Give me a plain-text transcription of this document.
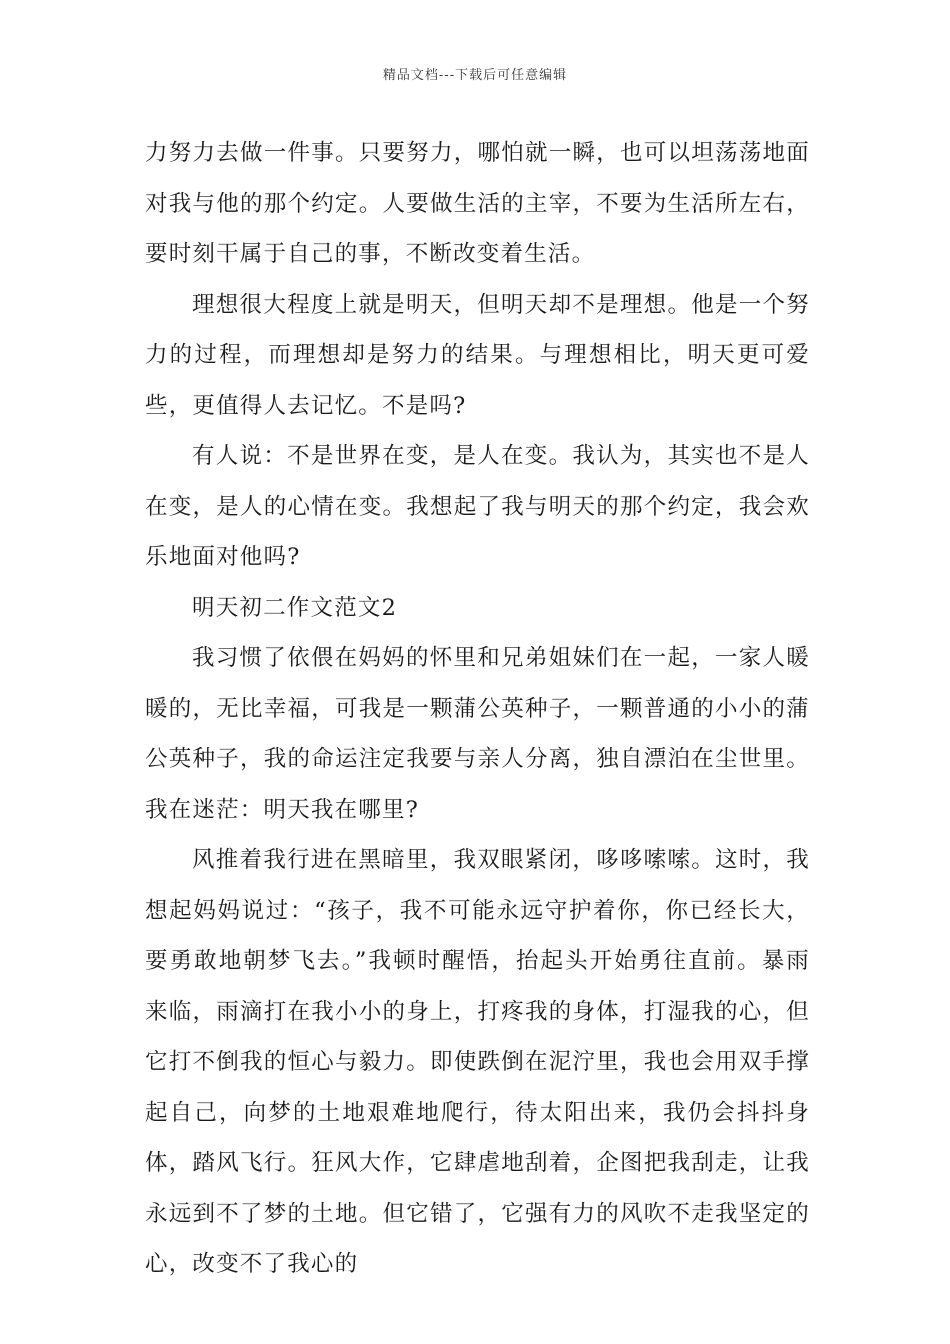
精品文档---下载后可任意编辑

力努力去做一件事。只要努力，哪怕就一瞬，也可以坦荡荡地面对我与他的那个约定。人要做生活的主宰，不要为生活所左右，要时刻干属于自己的事，不断改变着生活。

理想很大程度上就是明天，但明天却不是理想。他是一个努力的过程，而理想却是努力的结果。与理想相比，明天更可爱些，更值得人去记忆。不是吗?

有人说：不是世界在变，是人在变。我认为，其实也不是人在变，是人的心情在变。我想起了我与明天的那个约定，我会欢乐地面对他吗?

明天初二作文范文2

我习惯了依偎在妈妈的怀里和兄弟姐妹们在一起，一家人暖暖的，无比幸福，可我是一颗蒲公英种子，一颗普通的小小的蒲公英种子，我的命运注定我要与亲人分离，独自漂泊在尘世里。我在迷茫：明天我在哪里?

风推着我行进在黑暗里，我双眼紧闭，哆哆嗦嗦。这时，我想起妈妈说过：“孩子，我不可能永远守护着你，你已经长大，要勇敢地朝梦飞去。”我顿时醒悟，抬起头开始勇往直前。暴雨来临，雨滴打在我小小的身上，打疼我的身体，打湿我的心，但它打不倒我的恒心与毅力。即使跌倒在泥泞里，我也会用双手撑起自己，向梦的土地艰难地爬行，待太阳出来，我仍会抖抖身体，踏风飞行。狂风大作，它肆虐地刮着，企图把我刮走，让我永远到不了梦的土地。但它错了，它强有力的风吹不走我坚定的心，改变不了我心的
